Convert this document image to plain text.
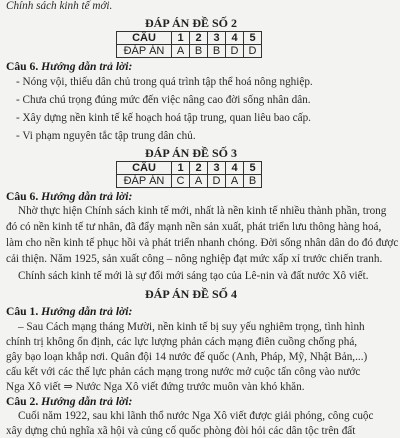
Chính sách kinh tế mới.
ĐÁP ÁN ĐỀ SỐ 2
CÂU	1	2	3	4	5
ĐÁP ÁN	A	B	B	D	D
Câu 6. Hướng dẫn trả lời:
- Nóng vội, thiếu dân chủ trong quá trình tập thể hoá nông nghiệp.
- Chưa chú trọng đúng mức đến việc nâng cao đời sống nhân dân.
- Xây dựng nền kinh tế kế hoạch hoá tập trung, quan liêu bao cấp.
- Vi phạm nguyên tắc tập trung dân chủ.
ĐÁP ÁN ĐỀ SỐ 3
CÂU	1	2	3	4	5
ĐÁP ÁN	C	A	D	A	B
Câu 6. Hướng dẫn trả lời:
Nhờ thực hiện Chính sách kinh tế mới, nhất là nền kinh tế nhiều thành phần, trong
đó có nền kinh tế tư nhân, đã đẩy mạnh nền sản xuất, phát triển lưu thông hàng hoá,
làm cho nền kinh tế phục hồi và phát triển nhanh chóng. Đời sống nhân dân do đó được
cải thiện. Năm 1925, sản xuất công – nông nghiệp đạt mức xấp xỉ trước chiến tranh.
Chính sách kinh tế mới là sự đổi mới sáng tạo của Lê-nin và đất nước Xô viết.
ĐÁP ÁN ĐỀ SỐ 4
Câu 1. Hướng dẫn trả lời:
– Sau Cách mạng tháng Mười, nền kinh tế bị suy yếu nghiêm trọng, tình hình
chính trị không ổn định, các lực lượng phản cách mạng điên cuồng chống phá,
gây bạo loạn khắp nơi. Quân đội 14 nước đế quốc (Anh, Pháp, Mỹ, Nhật Bản,...)
cấu kết với các thế lực phản cách mạng trong nước mở cuộc tấn công vào nước
Nga Xô viết ⇒ Nước Nga Xô viết đứng trước muôn vàn khó khăn.
Câu 2. Hướng dẫn trả lời:
Cuối năm 1922, sau khi lãnh thổ nước Nga Xô viết được giải phóng, công cuộc
xây dựng chủ nghĩa xã hội và củng cố quốc phòng đòi hỏi các dân tộc trên đất
